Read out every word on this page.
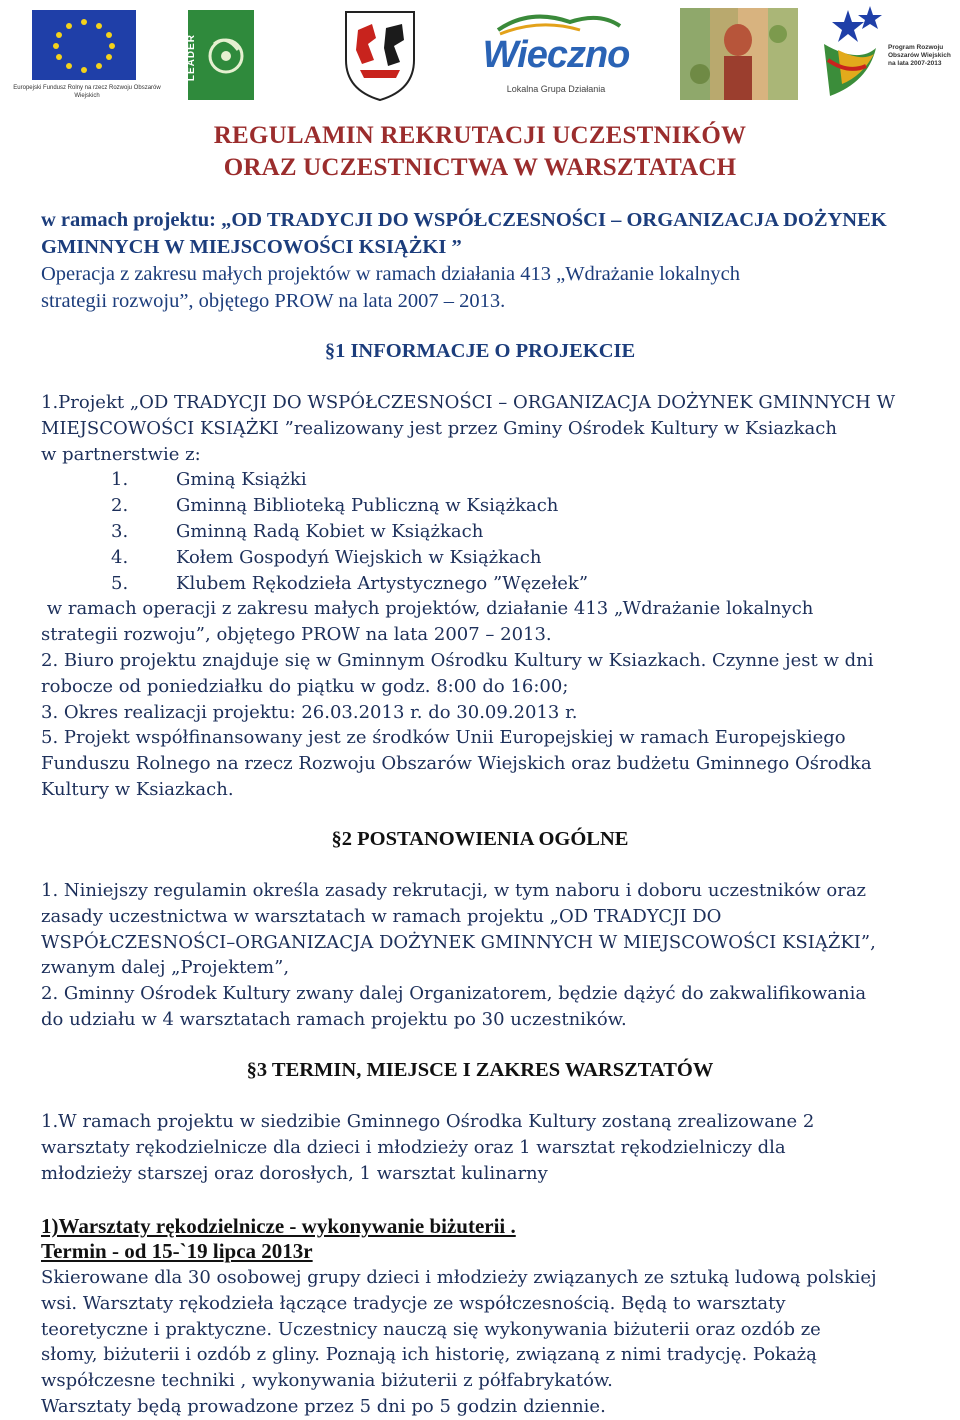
Europejski Fundusz Rolny na rzecz Rozwoju Obszarów Wiejskich
LEADER	Wieczno
Lokalna Grupa Działania
Program Rozwoju Obszarów Wiejskich na lata 2007-2013
REGULAMIN REKRUTACJI UCZESTNIKÓW
ORAZ UCZESTNICTWA W WARSZTATACH
w ramach projektu: „OD TRADYCJI DO WSPÓŁCZESNOŚCI – ORGANIZACJA DOŻYNEK
GMINNYCH W MIEJSCOWOŚCI KSIĄŻKI ”
Operacja z zakresu małych projektów w ramach działania 413 „Wdrażanie lokalnych
strategii rozwoju”, objętego PROW na lata 2007 – 2013.
§1 INFORMACJE O PROJEKCIE
1.Projekt „OD TRADYCJI DO WSPÓŁCZESNOŚCI – ORGANIZACJA DOŻYNEK GMINNYCH W
MIEJSCOWOŚCI KSIĄŻKI ”realizowany jest przez Gminy Ośrodek Kultury w Ksiazkach
w partnerstwie z:
1.	Gminą Książki
2.	Gminną Biblioteką Publiczną w Książkach
3.	Gminną Radą Kobiet w Książkach
4.	Kołem Gospodyń Wiejskich w Książkach
5.	Klubem Rękodzieła Artystycznego ”Węzełek”
w ramach operacji z zakresu małych projektów, działanie 413 „Wdrażanie lokalnych
strategii rozwoju”, objętego PROW na lata 2007 – 2013.
2. Biuro projektu znajduje się w Gminnym Ośrodku Kultury w Ksiazkach. Czynne jest w dni
robocze od poniedziałku do piątku w godz. 8:00 do 16:00;
3. Okres realizacji projektu: 26.03.2013 r. do 30.09.2013 r.
5. Projekt współfinansowany jest ze środków Unii Europejskiej w ramach Europejskiego
Funduszu Rolnego na rzecz Rozwoju Obszarów Wiejskich oraz budżetu Gminnego Ośrodka
Kultury w Ksiazkach.
§2 POSTANOWIENIA OGÓLNE
1. Niniejszy regulamin określa zasady rekrutacji, w tym naboru i doboru uczestników oraz
zasady uczestnictwa w warsztatach w ramach projektu „OD TRADYCJI DO
WSPÓŁCZESNOŚCI–ORGANIZACJA DOŻYNEK GMINNYCH W MIEJSCOWOŚCI KSIĄŻKI”,
zwanym dalej „Projektem”,
2. Gminny Ośrodek Kultury zwany dalej Organizatorem, będzie dążyć do zakwalifikowania
do udziału w 4 warsztatach ramach projektu po 30 uczestników.
§3 TERMIN, MIEJSCE I ZAKRES WARSZTATÓW
1.W ramach projektu w siedzibie Gminnego Ośrodka Kultury zostaną zrealizowane 2
warsztaty rękodzielnicze dla dzieci i młodzieży oraz 1 warsztat rękodzielniczy dla
młodzieży starszej oraz dorosłych, 1 warsztat kulinarny
1)Warsztaty rękodzielnicze - wykonywanie biżuterii .
Termin - od 15-`19 lipca 2013r
Skierowane dla 30 osobowej grupy dzieci i młodzieży związanych ze sztuką ludową polskiej
wsi. Warsztaty rękodzieła łączące tradycje ze współczesnością. Będą to warsztaty
teoretyczne i praktyczne. Uczestnicy nauczą się wykonywania biżuterii oraz ozdób ze
słomy, biżuterii i ozdób z gliny. Poznają ich historię, związaną z nimi tradycję. Pokażą
współczesne techniki , wykonywania biżuterii z półfabrykatów.
Warsztaty będą prowadzone przez 5 dni po 5 godzin dziennie.
